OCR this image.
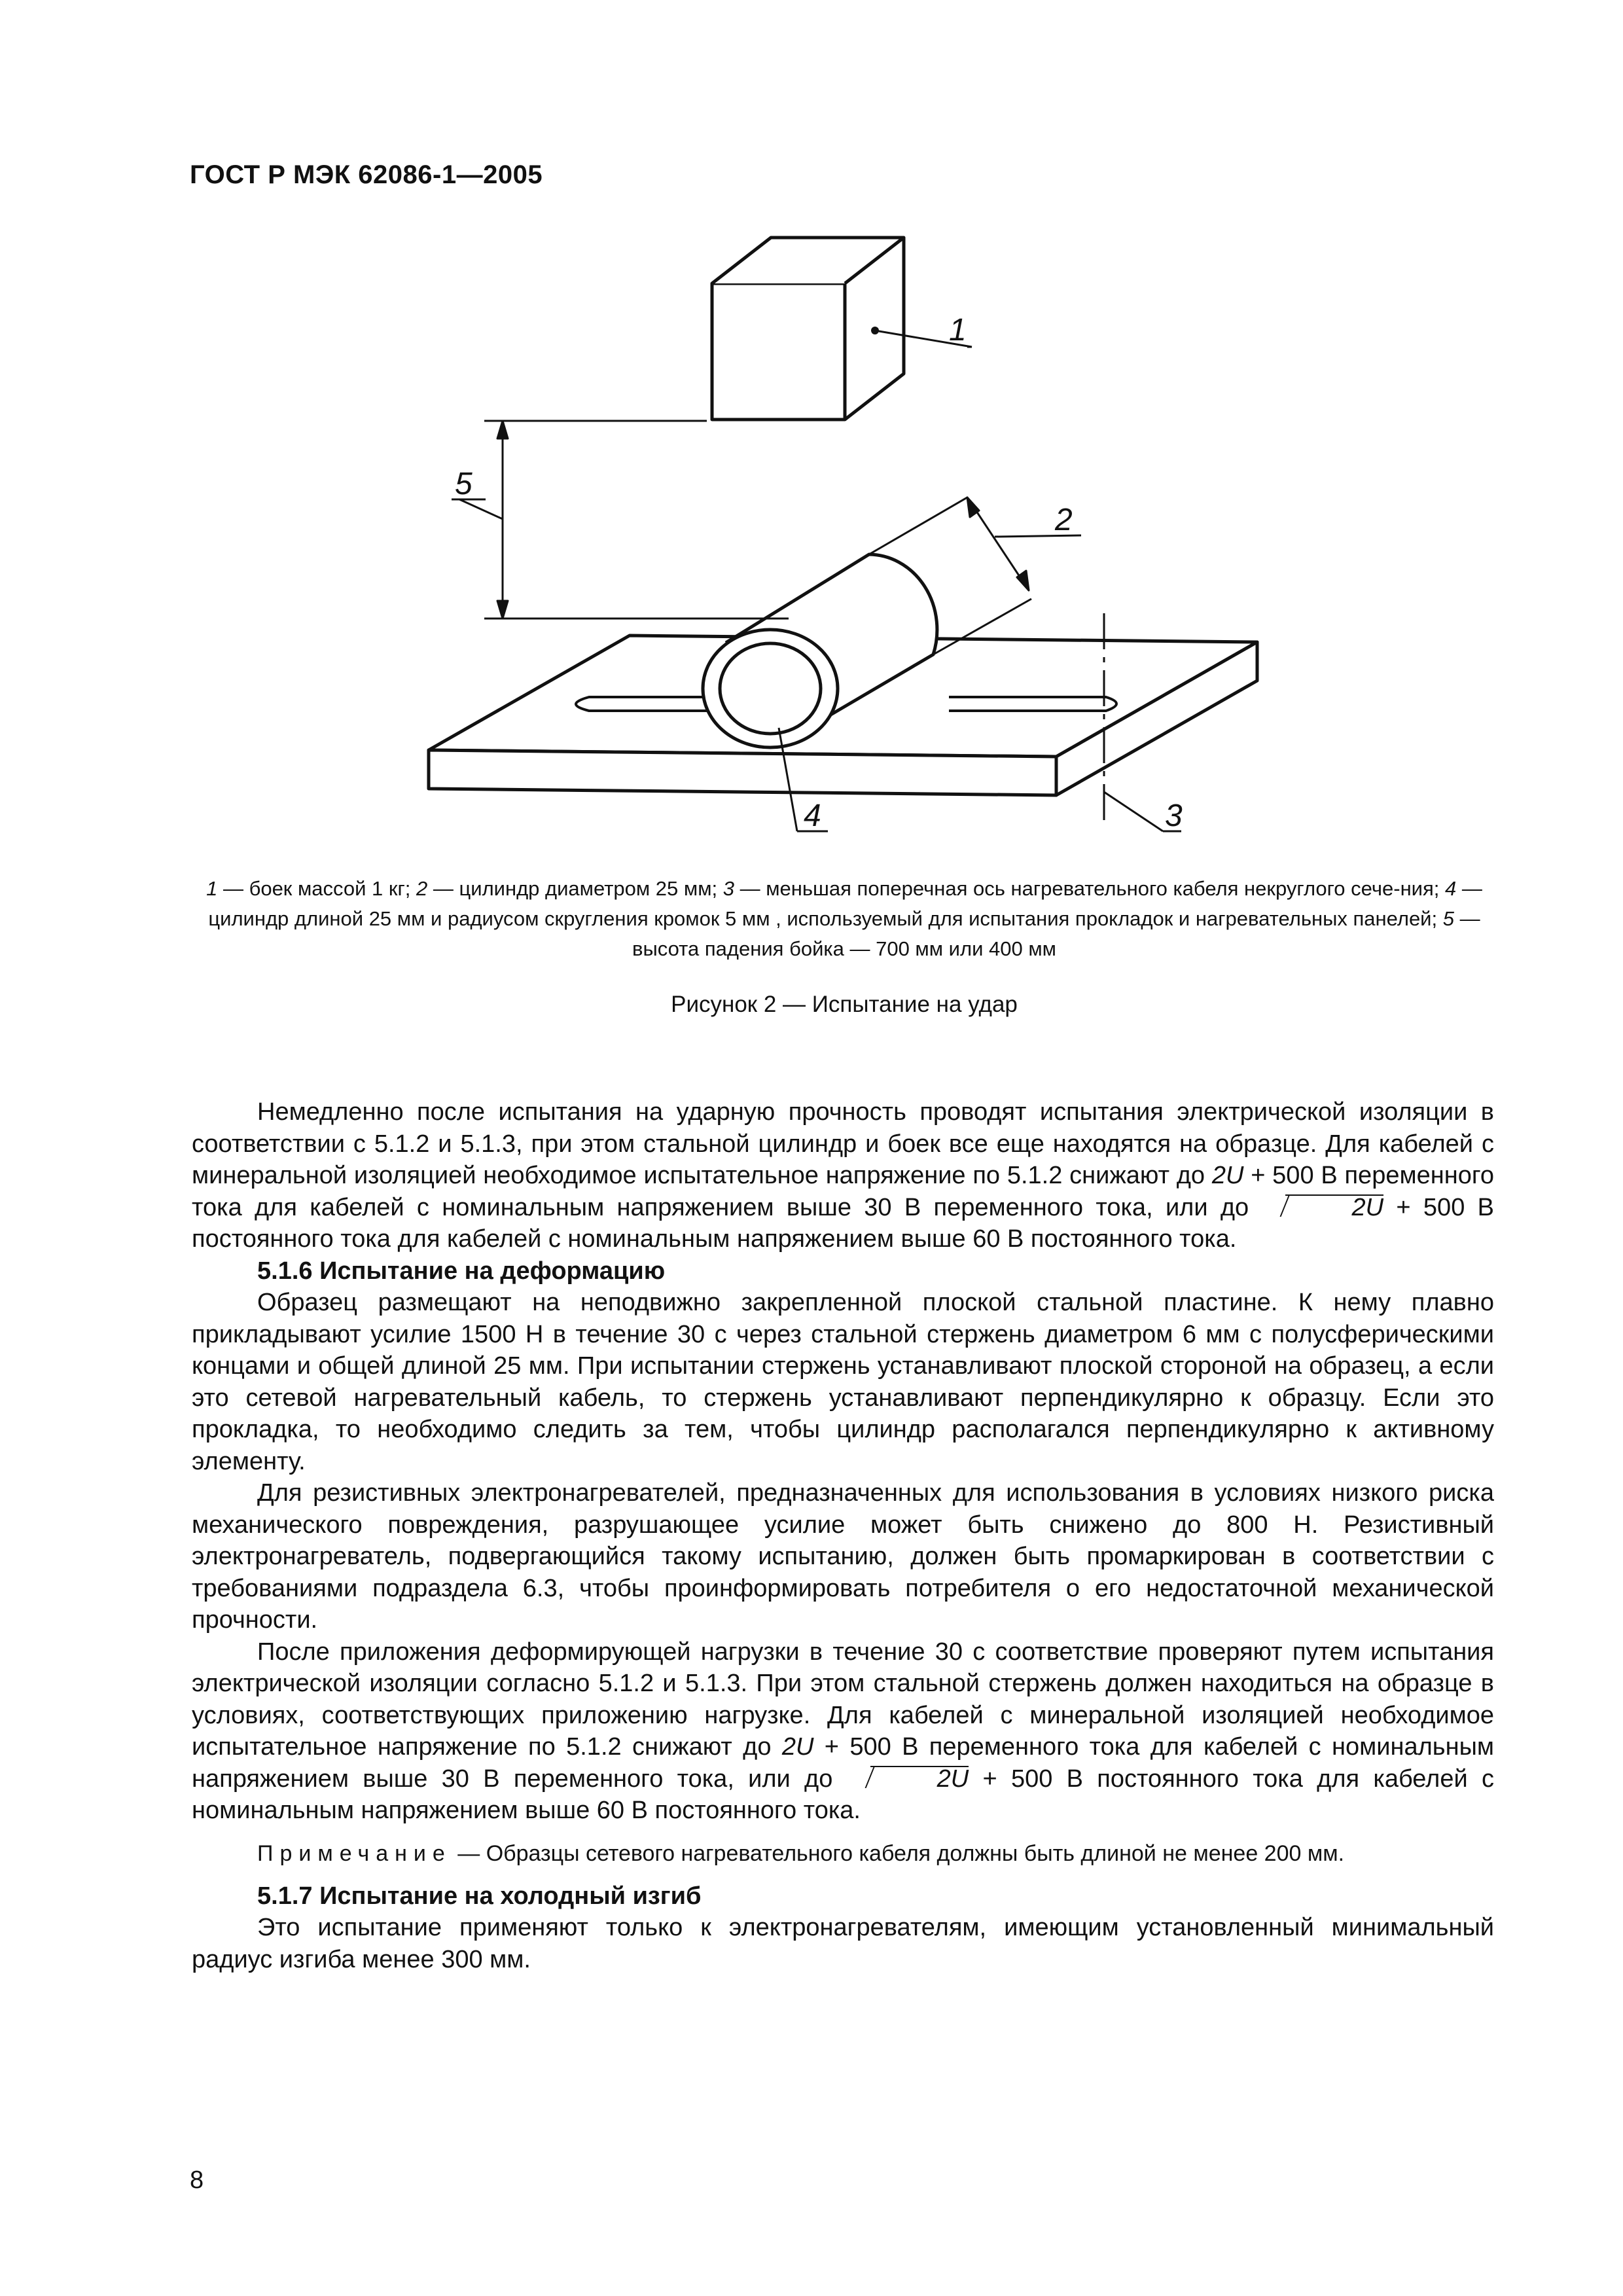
ГОСТ Р МЭК 62086-1—2005
1
2
3
4
5
1 — боек массой 1 кг; 2 — цилиндр диаметром 25 мм; 3 — меньшая поперечная ось нагревательного кабеля некруглого сече-ния; 4 — цилиндр длиной 25 мм и радиусом скругления кромок 5 мм , используемый для испытания прокладок и нагревательных панелей; 5 — высота падения бойка — 700 мм или 400 мм
Рисунок 2 — Испытание на удар

Немедленно после испытания на ударную прочность проводят испытания электрической изоляции в соответствии с 5.1.2 и 5.1.3, при этом стальной цилиндр и боек все еще находятся на образце. Для кабелей с минеральной изоляцией необходимое испытательное напряжение по 5.1.2 снижают до 2U + 500 В переменного тока для кабелей с номинальным напряжением выше 30 В переменного тока, или до	2U + 500 В постоянного тока для кабелей с номинальным напряжением выше 60 В постоянного тока.

5.1.6 Испытание на деформацию

Образец размещают на неподвижно закрепленной плоской стальной пластине. К нему плавно прикладывают усилие 1500 Н в течение 30 с через стальной стержень диаметром 6 мм с полусферическими концами и общей длиной 25 мм. При испытании стержень устанавливают плоской стороной на образец, а если это сетевой нагревательный кабель, то стержень устанавливают перпендикулярно к образцу. Если это прокладка, то необходимо следить за тем, чтобы цилиндр располагался перпендикулярно к активному элементу.

Для резистивных электронагревателей, предназначенных для использования в условиях низкого риска механического повреждения, разрушающее усилие может быть снижено до 800 Н. Резистивный электронагреватель, подвергающийся такому испытанию, должен быть промаркирован в соответствии с требованиями подраздела 6.3, чтобы проинформировать потребителя о его недостаточной механической прочности.

После приложения деформирующей нагрузки в течение 30 с соответствие проверяют путем испытания электрической изоляции согласно 5.1.2 и 5.1.3. При этом стальной стержень должен находиться на образце в условиях, соответствующих приложению нагрузке. Для кабелей с минеральной изоляцией необходимое испытательное напряжение по 5.1.2 снижают до 2U + 500 В переменного тока для кабелей с номинальным напряжением выше 30 В переменного тока, или до	2U + 500 В постоянного тока для кабелей с номинальным напряжением выше 60 В постоянного тока.

Примечание — Образцы сетевого нагревательного кабеля должны быть длиной не менее 200 мм.

5.1.7 Испытание на холодный изгиб

Это испытание применяют только к электронагревателям, имеющим установленный минимальный радиус изгиба менее 300 мм.

8
